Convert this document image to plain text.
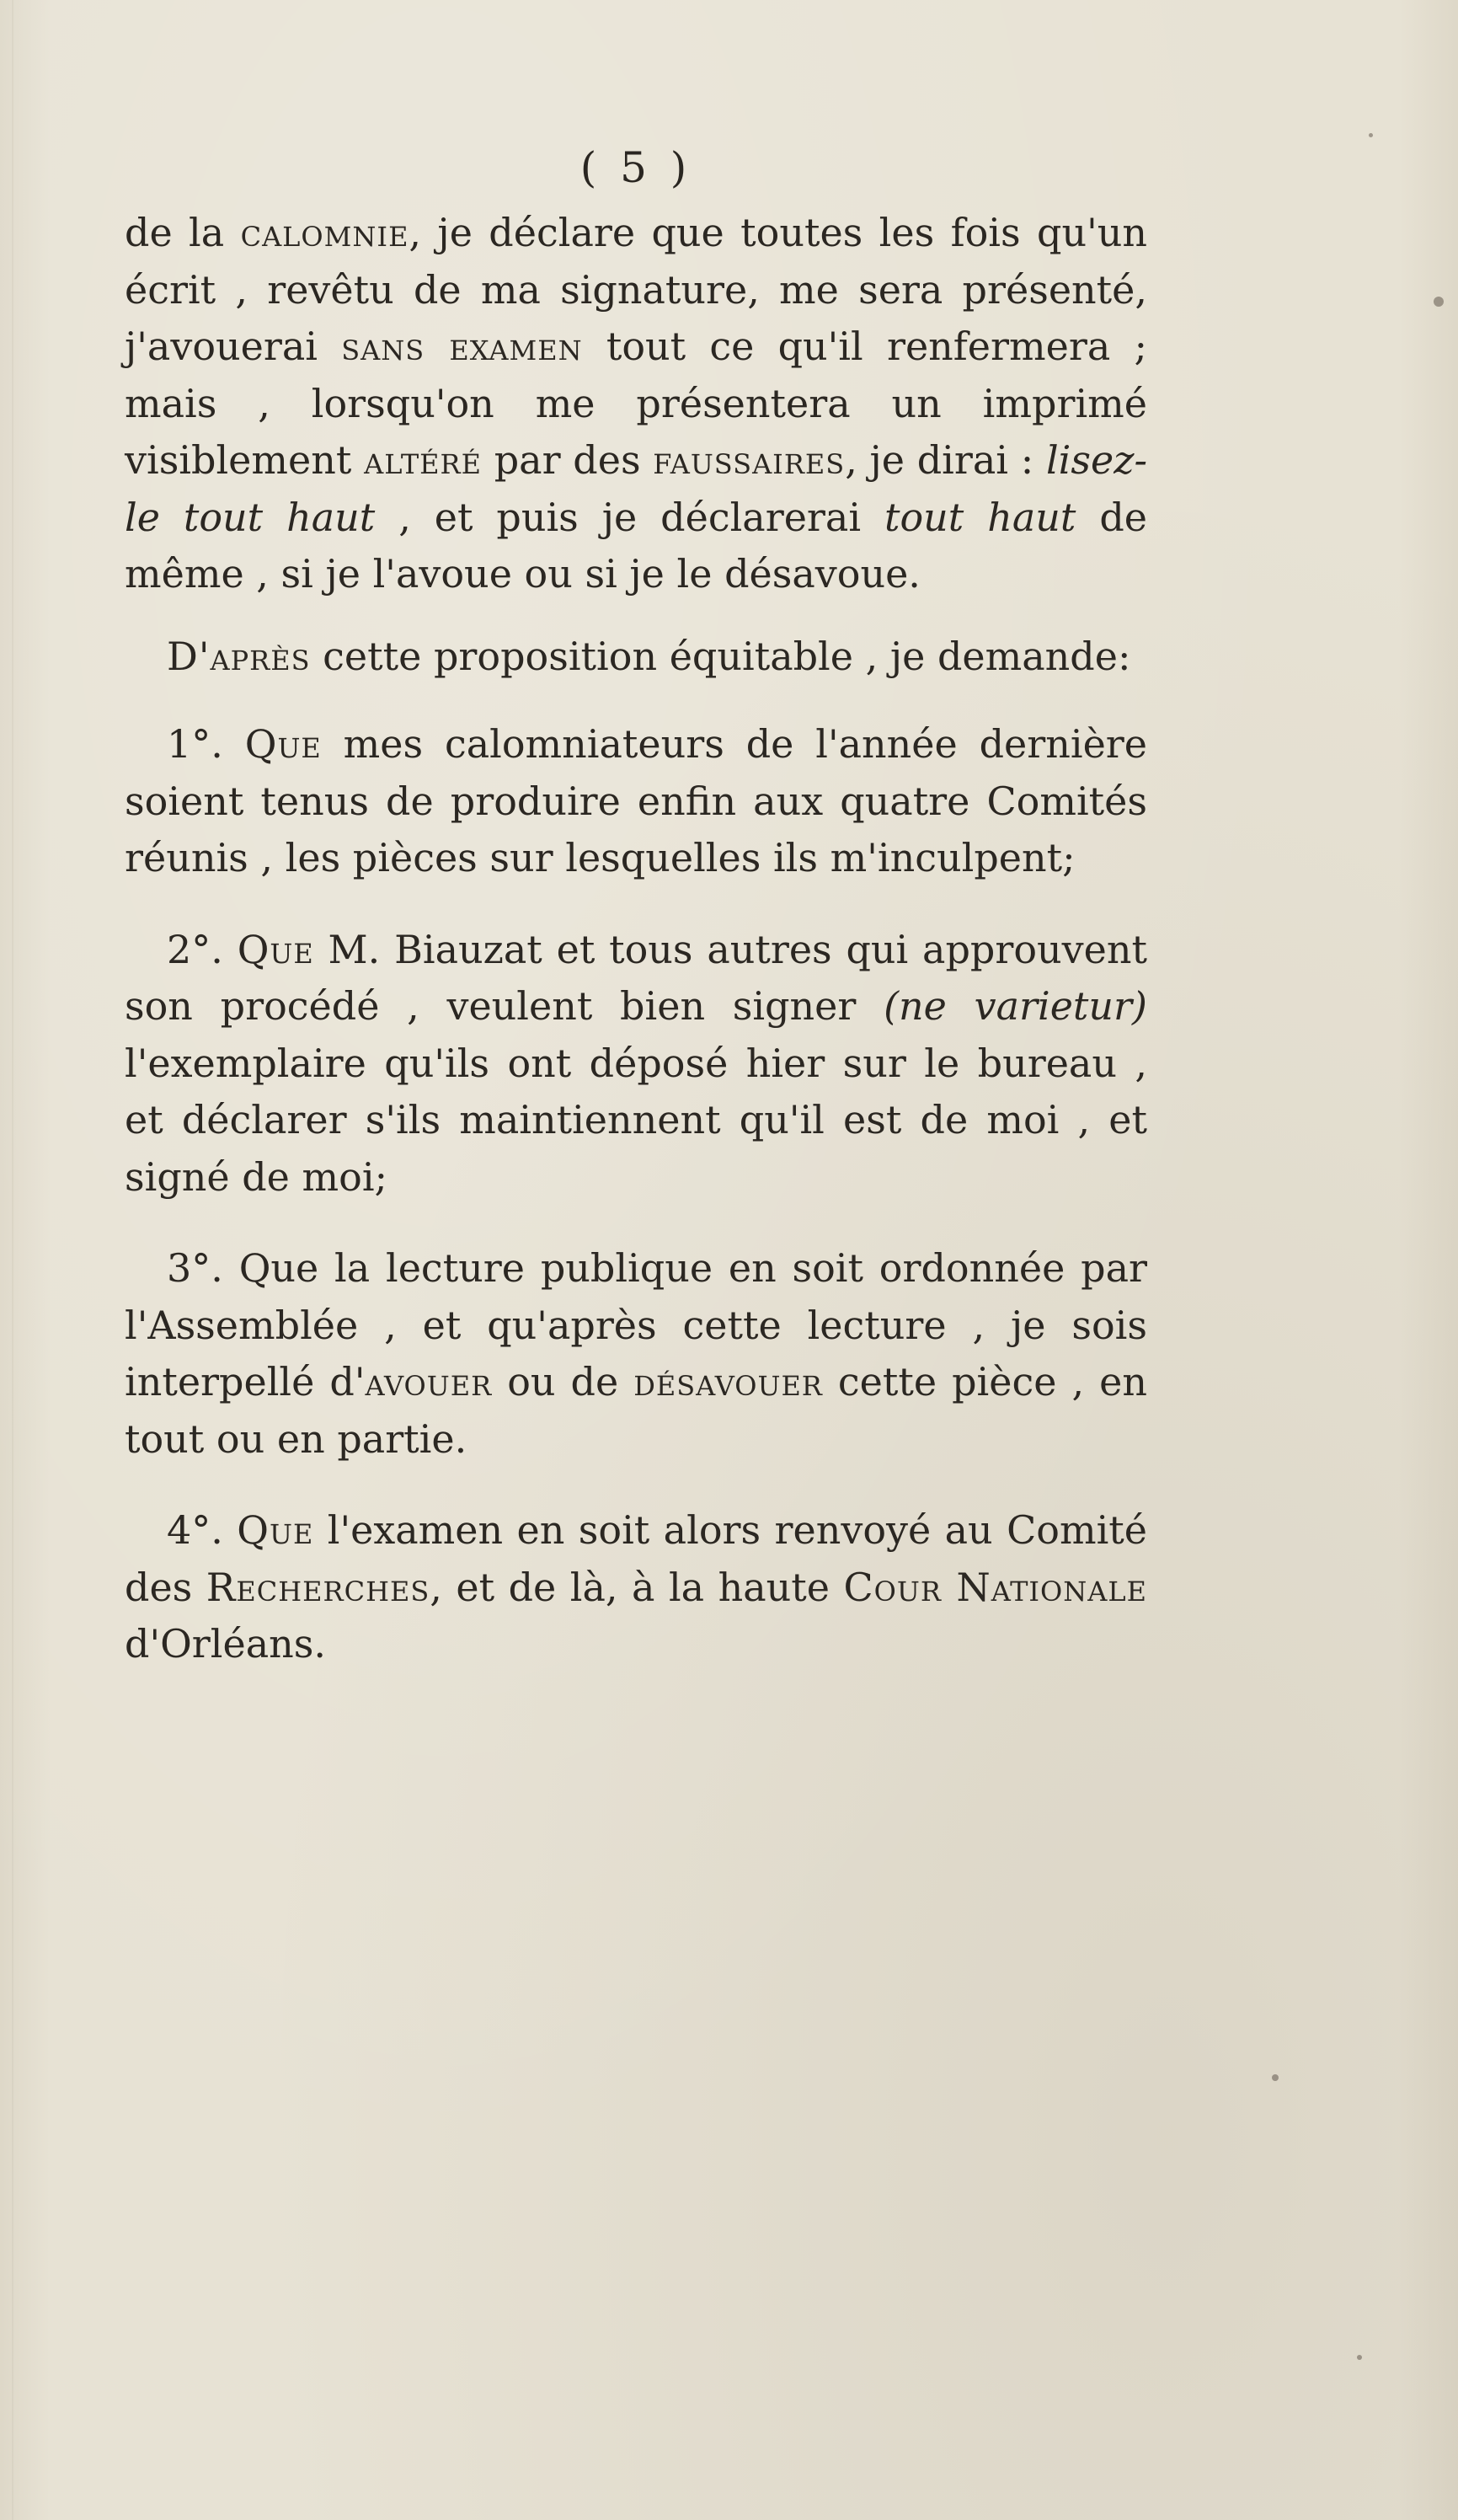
( 5 )

de la calomnie, je déclare que toutes les fois qu'un écrit , revêtu de ma signature, me sera présenté, j'avouerai sans examen tout ce qu'il renfermera ; mais , lorsqu'on me présentera un imprimé visiblement altéré par des faussaires, je dirai : lisez-le tout haut , et puis je déclarerai tout haut de même , si je l'avoue ou si je le désavoue.

D'après cette proposition équitable , je demande:

1°. Que mes calomniateurs de l'année dernière soient tenus de produire enfin aux quatre Comités réunis , les pièces sur lesquelles ils m'inculpent;

2°. Que M. Biauzat et tous autres qui approuvent son procédé , veulent bien signer (ne varietur) l'exemplaire qu'ils ont déposé hier sur le bureau , et déclarer s'ils maintiennent qu'il est de moi , et signé de moi;

3°. Que la lecture publique en soit ordonnée par l'Assemblée , et qu'après cette lecture , je sois interpellé d'avouer ou de désavouer cette pièce , en tout ou en partie.

4°. Que l'examen en soit alors renvoyé au Comité des Recherches, et de là, à la haute Cour Nationale d'Orléans.
